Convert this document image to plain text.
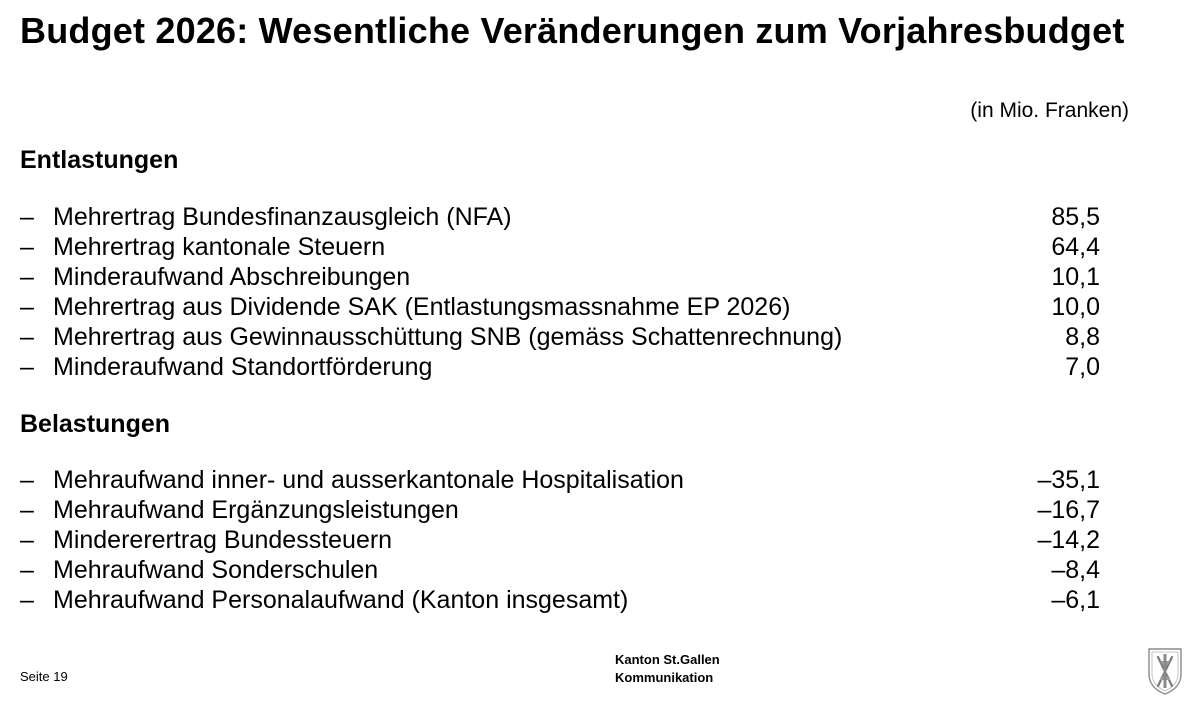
Budget 2026: Wesentliche Veränderungen zum Vorjahresbudget
(in Mio. Franken)
Entlastungen
– Mehrertrag Bundesfinanzausgleich (NFA)	85,5
– Mehrertrag kantonale Steuern	64,4
– Minderaufwand Abschreibungen	10,1
– Mehrertrag aus Dividende SAK (Entlastungsmassnahme EP 2026)	10,0
– Mehrertrag aus Gewinnausschüttung SNB (gemäss Schattenrechnung)	8,8
– Minderaufwand Standortförderung	7,0
Belastungen
– Mehraufwand inner- und ausserkantonale Hospitalisation	–35,1
– Mehraufwand Ergänzungsleistungen	–16,7
– Mindererertrag Bundessteuern	–14,2
– Mehraufwand Sonderschulen	–8,4
– Mehraufwand Personalaufwand (Kanton insgesamt)	–6,1
Seite 19
Kanton St.Gallen
Kommunikation
